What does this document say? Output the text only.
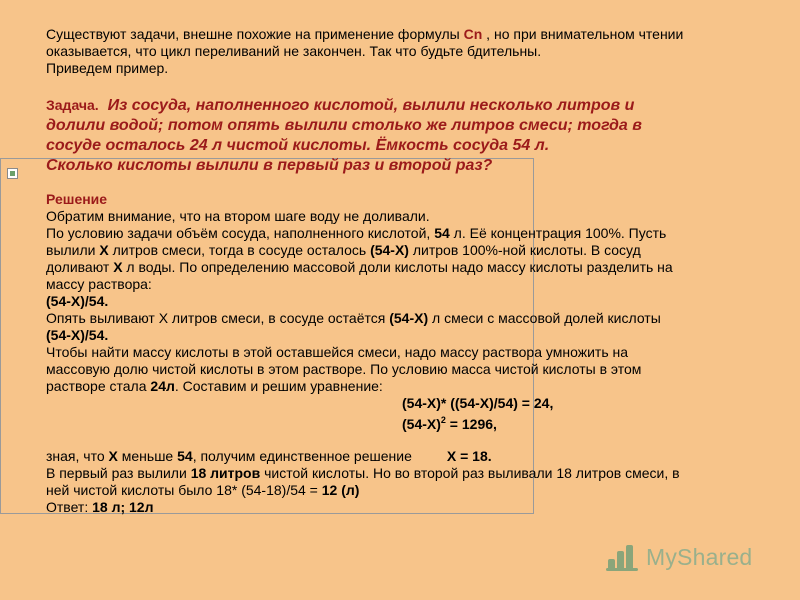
Существуют задачи, внешне похожие на применение формулы Cn , но при внимательном чтении

оказывается, что цикл переливаний не закончен. Так что будьте бдительны.

Приведем пример.

Задача. Из сосуда, наполненного кислотой, вылили несколько литров и
долили водой; потом опять вылили столько же литров смеси; тогда в
сосуде осталось 24 л чистой кислоты. Ёмкость сосуда 54 л.
Сколько кислоты вылили в первый раз и второй раз?

Решение

Обратим внимание, что на втором шаге воду не доливали.

По условию задачи объём сосуда, наполненного кислотой, 54 л. Её концентрация 100%. Пусть
вылили Х литров смеси, тогда в сосуде осталось (54-Х) литров 100%-ной кислоты. В сосуд
доливают Х л воды. По определению массовой доли кислоты надо массу кислоты разделить на
массу раствора:

(54-Х)/54.

Опять выливают Х литров смеси, в сосуде остаётся (54-Х) л смеси с массовой долей кислоты

(54-Х)/54.

Чтобы найти массу кислоты в этой оставшейся смеси, надо массу раствора умножить на
массовую долю чистой кислоты в этом растворе. По условию масса чистой кислоты в этом
растворе стала 24л. Составим и решим уравнение:

(54-Х)* ((54-Х)/54) = 24,

$(54-Х)^2 = 1296$,

зная, что Х меньше 54, получим единственное решение         Х = 18.

В первый раз вылили 18 литров чистой кислоты. Но во второй раз выливали 18 литров смеси, в
ней чистой кислоты было 18* (54-18)/54 = 12 (л)

Ответ: 18 л; 12л

MyShared
